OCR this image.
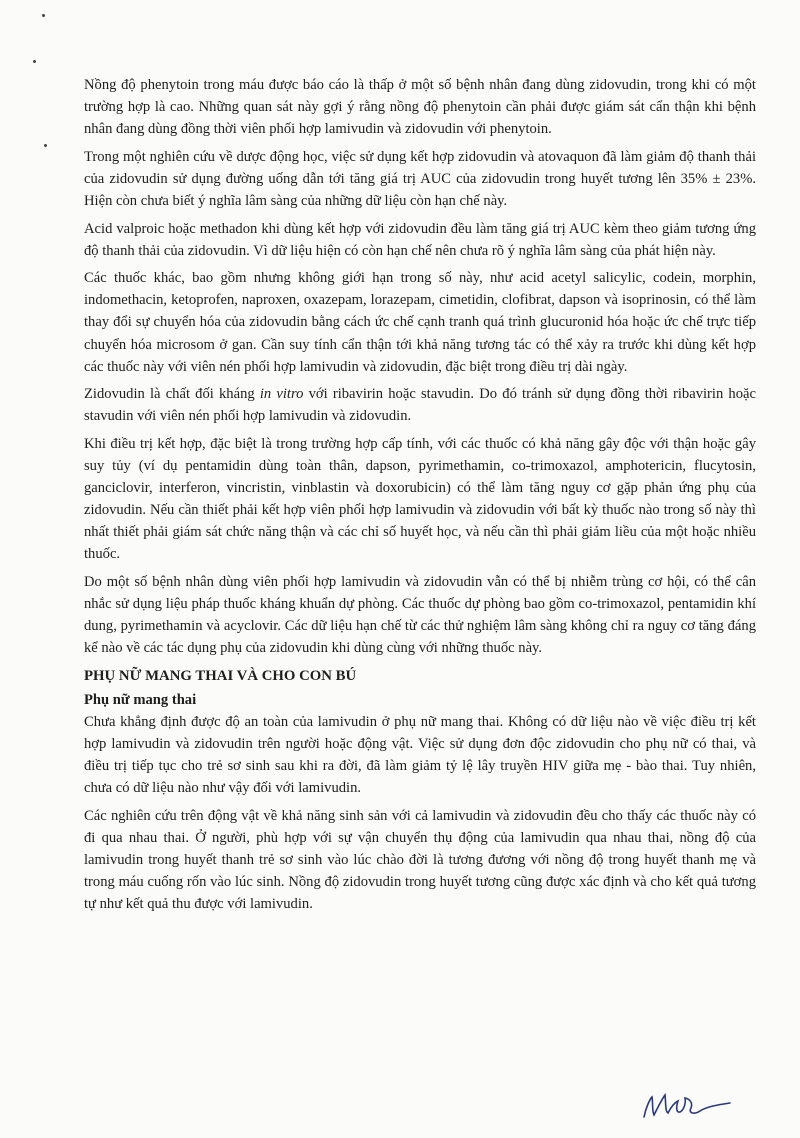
Nồng độ phenytoin trong máu được báo cáo là thấp ở một số bệnh nhân đang dùng zidovudin, trong khi có một trường hợp là cao. Những quan sát này gợi ý rằng nồng độ phenytoin cần phải được giám sát cẩn thận khi bệnh nhân đang dùng đồng thời viên phối hợp lamivudin và zidovudin với phenytoin.

Trong một nghiên cứu về dược động học, việc sử dụng kết hợp zidovudin và atovaquon đã làm giảm độ thanh thải của zidovudin sử dụng đường uống dẫn tới tăng giá trị AUC của zidovudin trong huyết tương lên 35% ± 23%. Hiện còn chưa biết ý nghĩa lâm sàng của những dữ liệu còn hạn chế này.

Acid valproic hoặc methadon khi dùng kết hợp với zidovudin đều làm tăng giá trị AUC kèm theo giảm tương ứng độ thanh thải của zidovudin. Vì dữ liệu hiện có còn hạn chế nên chưa rõ ý nghĩa lâm sàng của phát hiện này.

Các thuốc khác, bao gồm nhưng không giới hạn trong số này, như acid acetyl salicylic, codein, morphin, indomethacin, ketoprofen, naproxen, oxazepam, lorazepam, cimetidin, clofibrat, dapson và isoprinosin, có thể làm thay đổi sự chuyển hóa của zidovudin bằng cách ức chế cạnh tranh quá trình glucuronid hóa hoặc ức chế trực tiếp chuyển hóa microsom ở gan. Cần suy tính cẩn thận tới khả năng tương tác có thể xảy ra trước khi dùng kết hợp các thuốc này với viên nén phối hợp lamivudin và zidovudin, đặc biệt trong điều trị dài ngày.

Zidovudin là chất đối kháng in vitro với ribavirin hoặc stavudin. Do đó tránh sử dụng đồng thời ribavirin hoặc stavudin với viên nén phối hợp lamivudin và zidovudin.

Khi điều trị kết hợp, đặc biệt là trong trường hợp cấp tính, với các thuốc có khả năng gây độc với thận hoặc gây suy tủy (ví dụ pentamidin dùng toàn thân, dapson, pyrimethamin, co-trimoxazol, amphotericin, flucytosin, ganciclovir, interferon, vincristin, vinblastin và doxorubicin) có thể làm tăng nguy cơ gặp phản ứng phụ của zidovudin. Nếu cần thiết phải kết hợp viên phối hợp lamivudin và zidovudin với bất kỳ thuốc nào trong số này thì nhất thiết phải giám sát chức năng thận và các chỉ số huyết học, và nếu cần thì phải giảm liều của một hoặc nhiều thuốc.

Do một số bệnh nhân dùng viên phối hợp lamivudin và zidovudin vẫn có thể bị nhiễm trùng cơ hội, có thể cân nhắc sử dụng liệu pháp thuốc kháng khuẩn dự phòng. Các thuốc dự phòng bao gồm co-trimoxazol, pentamidin khí dung, pyrimethamin và acyclovir. Các dữ liệu hạn chế từ các thử nghiệm lâm sàng không chỉ ra nguy cơ tăng đáng kể nào về các tác dụng phụ của zidovudin khi dùng cùng với những thuốc này.

PHỤ NỮ MANG THAI VÀ CHO CON BÚ
Phụ nữ mang thai

Chưa khẳng định được độ an toàn của lamivudin ở phụ nữ mang thai. Không có dữ liệu nào về việc điều trị kết hợp lamivudin và zidovudin trên người hoặc động vật. Việc sử dụng đơn độc zidovudin cho phụ nữ có thai, và điều trị tiếp tục cho trẻ sơ sinh sau khi ra đời, đã làm giảm tỷ lệ lây truyền HIV giữa mẹ - bào thai. Tuy nhiên, chưa có dữ liệu nào như vậy đối với lamivudin.

Các nghiên cứu trên động vật về khả năng sinh sản với cả lamivudin và zidovudin đều cho thấy các thuốc này có đi qua nhau thai. Ở người, phù hợp với sự vận chuyển thụ động của lamivudin qua nhau thai, nồng độ của lamivudin trong huyết thanh trẻ sơ sinh vào lúc chào đời là tương đương với nồng độ trong huyết thanh mẹ và trong máu cuống rốn vào lúc sinh. Nồng độ zidovudin trong huyết tương cũng được xác định và cho kết quả tương tự như kết quả thu được với lamivudin.
